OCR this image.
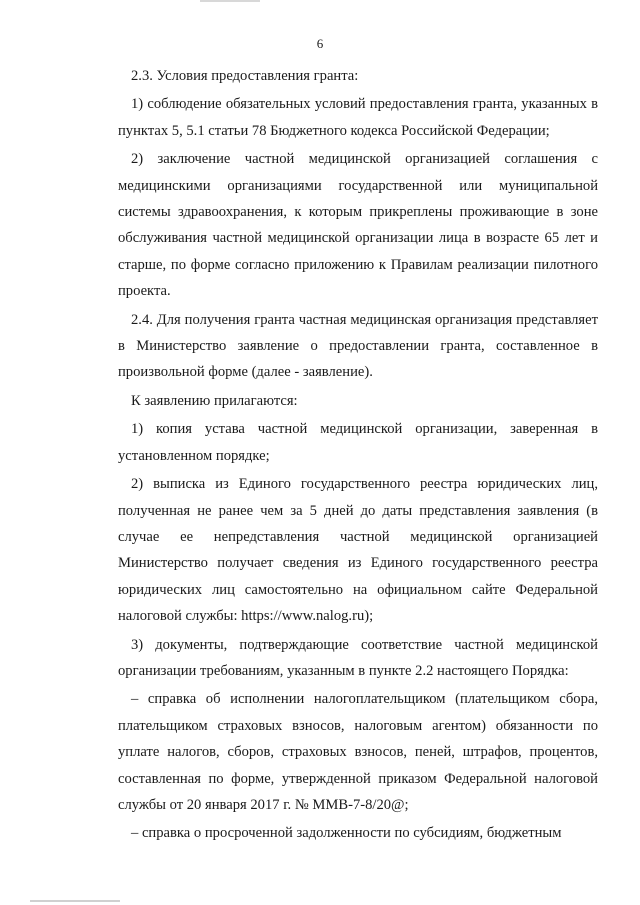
6

2.3. Условия предоставления гранта:

1) соблюдение обязательных условий предоставления гранта, указанных в пунктах 5, 5.1 статьи 78 Бюджетного кодекса Российской Федерации;

2) заключение частной медицинской организацией соглашения с медицинскими организациями государственной или муниципальной системы здравоохранения, к которым прикреплены проживающие в зоне обслуживания частной медицинской организации лица в возрасте 65 лет и старше, по форме согласно приложению к Правилам реализации пилотного проекта.

2.4. Для получения гранта частная медицинская организация представляет в Министерство заявление о предоставлении гранта, составленное в произвольной форме (далее - заявление).

К заявлению прилагаются:

1) копия устава частной медицинской организации, заверенная в установленном порядке;

2) выписка из Единого государственного реестра юридических лиц, полученная не ранее чем за 5 дней до даты представления заявления (в случае ее непредставления частной медицинской организацией Министерство получает сведения из Единого государственного реестра юридических лиц самостоятельно на официальном сайте Федеральной налоговой службы: https://www.nalog.ru);

3) документы, подтверждающие соответствие частной медицинской организации требованиям, указанным в пункте 2.2 настоящего Порядка:

– справка об исполнении налогоплательщиком (плательщиком сбора, плательщиком страховых взносов, налоговым агентом) обязанности по уплате налогов, сборов, страховых взносов, пеней, штрафов, процентов, составленная по форме, утвержденной приказом Федеральной налоговой службы от 20 января 2017 г. № ММВ-7-8/20@;

– справка о просроченной задолженности по субсидиям, бюджетным
